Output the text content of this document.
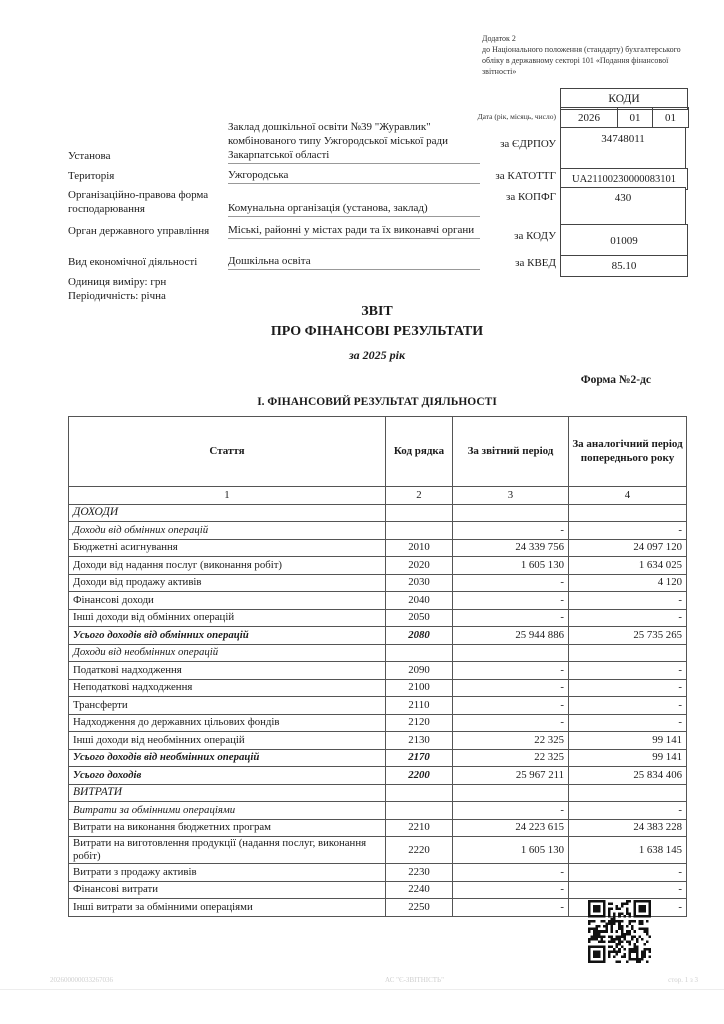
Додаток 2
до Національного положення (стандарту) бухгалтерського
обліку в державному секторі 101 «Подання фінансової
звітності»
КОДИ
Дата (рік, місяць, число)	2026	01	01
за ЄДРПОУ	34748011
за КАТОТТГ	UA21100230000083101
за КОПФГ	430
за КОДУ	01009
за КВЕД	85.10
Установа
Заклад дошкільної освіти №39 "Журавлик" комбінованого типу Ужгородської міської ради Закарпатської області
Територія	Ужгородська
Організаційно-правова форма господарювання	Комунальна організація (установа, заклад)
Орган державного управління	Міські, районні у містах ради та їх виконавчі органи
Вид економічної діяльності	Дошкільна освіта
Одиниця виміру: грн
Періодичність: річна
ЗВІТ
ПРО ФІНАНСОВІ РЕЗУЛЬТАТИ
за 2025 рік
Форма №2-дс
І. ФІНАНСОВИЙ РЕЗУЛЬТАТ ДІЯЛЬНОСТІ
Стаття	Код рядка	За звітний період	За аналогічний період попереднього року
1	2	3	4
ДОХОДИ			
Доходи від обмінних операцій		-	-
Бюджетні асигнування	2010	24 339 756	24 097 120
Доходи від надання послуг (виконання робіт)	2020	1 605 130	1 634 025
Доходи від продажу активів	2030	-	4 120
Фінансові доходи	2040	-	-
Інші доходи від обмінних операцій	2050	-	-
Усього доходів від обмінних операцій	2080	25 944 886	25 735 265
Доходи від необмінних операцій			
Податкові надходження	2090	-	-
Неподаткові надходження	2100	-	-
Трансферти	2110	-	-
Надходження до державних цільових фондів	2120	-	-
Інші доходи від необмінних операцій	2130	22 325	99 141
Усього доходів від необмінних операцій	2170	22 325	99 141
Усього доходів	2200	25 967 211	25 834 406
ВИТРАТИ			
Витрати за обмінними операціями		-	-
Витрати на виконання бюджетних програм	2210	24 223 615	24 383 228
Витрати на виготовлення продукції (надання послуг, виконання робіт)	2220	1 605 130	1 638 145
Витрати з продажу активів	2230	-	-
Фінансові витрати	2240	-	-
Інші витрати за обмінними операціями	2250	-	-
202600000033267036	АС "Є-ЗВІТНІСТЬ"	стор. 1 з 3
